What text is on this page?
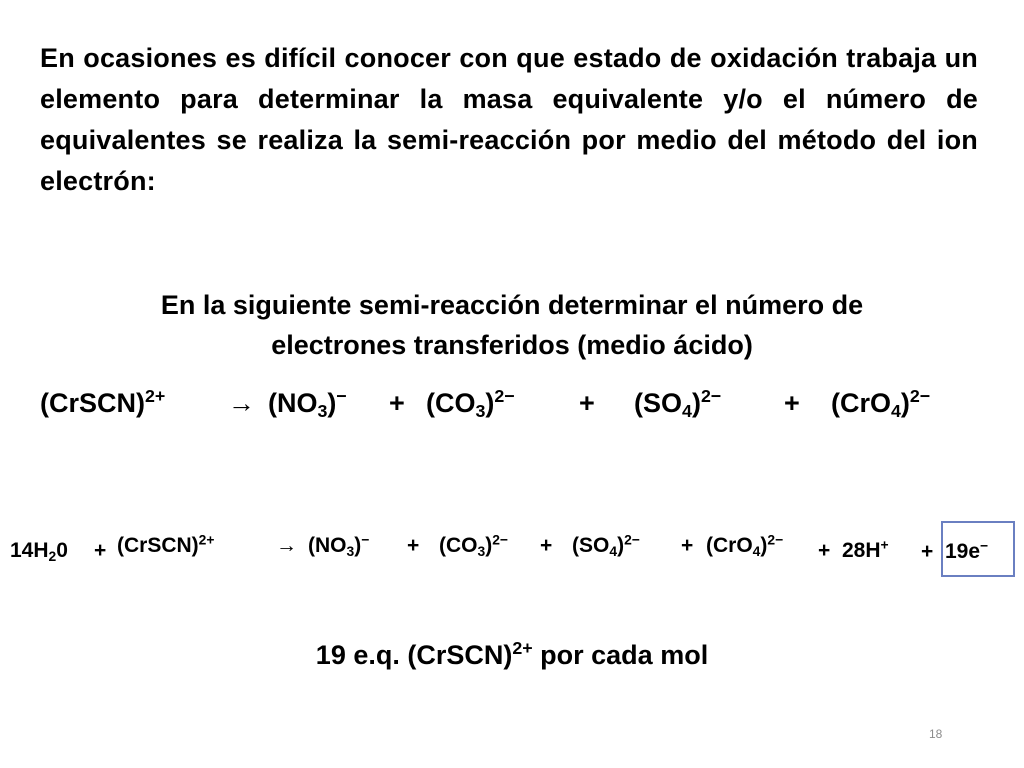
En ocasiones es difícil conocer con que estado de oxidación trabaja un elemento para determinar la masa equivalente y/o el número de equivalentes se realiza la semi-reacción por medio del método del ion electrón:
En la siguiente semi-reacción determinar el número de
electrones transferidos (medio ácido)
(CrSCN)$^{2+}$ → $(NO_3)^- + (CO_3)^{2-} + (SO_4)^{2-} + (CrO_4)^{2-}$
$14H_20$ + (CrSCN)$^{2+}$	→ $(NO_3)^- + (CO_3)^{2-} + (SO_4)^{2-} + (CrO_4)^{2-} + 28H^+ + 19e^-$
19 e.q. (CrSCN)$^{2+}$ por cada mol
18
